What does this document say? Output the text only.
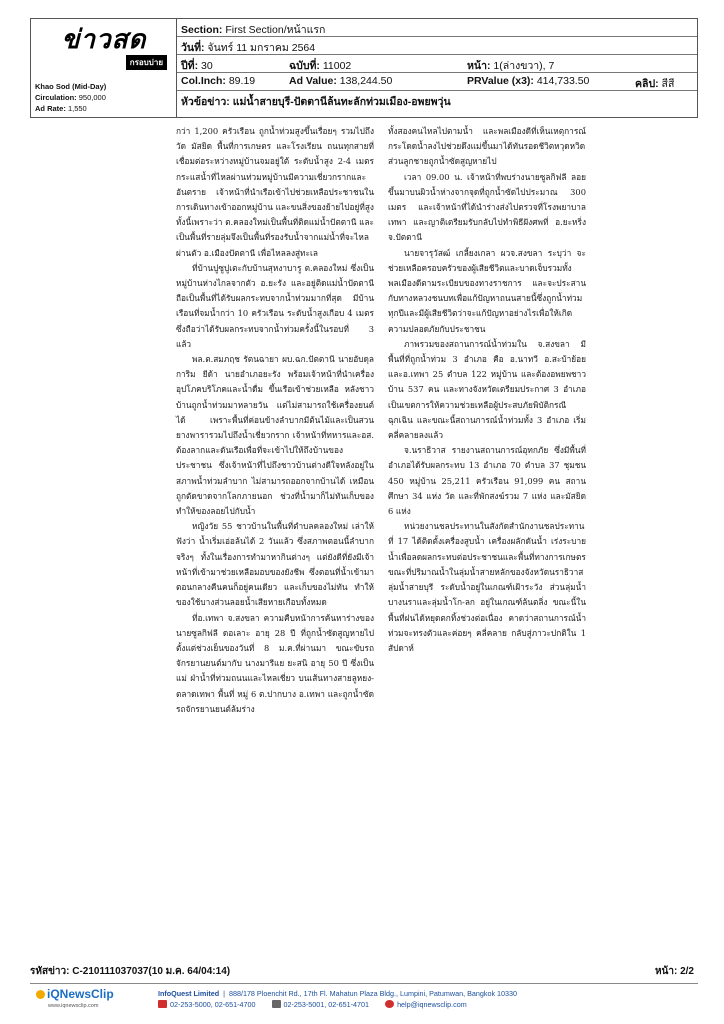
ข่าวสด
กรอบบ่าย
Khao Sod (Mid-Day)
Circulation: 950,000
Ad Rate: 1,550
Section: First Section/หน้าแรก
วันที่: จันทร์ 11 มกราคม 2564
ปีที่: 30	ฉบับที่: 11002	หน้า: 1(ล่างขวา), 7
Col.Inch: 89.19	Ad Value: 138,244.50	PRValue (x3): 414,733.50	คลิป: สีสี
หัวข้อข่าว: แม่น้ำสายบุรี-ปัตตานีล้นทะลักท่วมเมือง-อพยพวุ่น

กว่า 1,200 ครัวเรือน ถูกน้ำท่วมสูงขึ้นเรื่อยๆ รวมไปถึง วัด มัสยิด พื้นที่การเกษตร และโรงเรียน ถนนทุกสายที่เชื่อมต่อระหว่างหมู่บ้านจมอยู่ใต้ ระดับน้ำสูง 2-4 เมตร กระแสน้ำที่ไหลผ่านท่วมหมู่บ้านมีความเชี่ยวกรากและอันตราย เจ้าหน้าที่นำเรือเข้าไปช่วยเหลือประชาชนในการเดินทางเข้าออกหมู่บ้าน และขนสิ่งของย้ายไปอยู่ที่สูง ทั้งนี้เพราะว่า ต.คลองใหม่เป็นพื้นที่ติดแม่น้ำปัตตานี และเป็นพื้นที่รายลุ่มจึงเป็นพื้นที่รองรับน้ำจากแม่น้ำที่จะไหลผ่านตัว อ.เมืองปัตตานี เพื่อไหลลงสู่ทะเล

ที่บ้านปูซูปูเตะกับบ้านสุหงาบารู ต.คลองใหม่ ซึ่งเป็นหมู่บ้านห่างไกลจากตัว อ.ยะรัง และอยู่ติดแม่น้ำปัตตานี ถือเป็นพื้นที่ได้รับผลกระทบจากน้ำท่วมมากที่สุด มีบ้านเรือนที่จมน้ำกว่า 10 ครัวเรือน ระดับน้ำสูงเกือบ 4 เมตร ซึ่งถือว่าได้รับผลกระทบจากน้ำท่วมครั้งนี้ในรอบที่ 3 แล้ว

พล.ต.สมภฤช รัตนฉายา ผบ.ฉก.ปัตตานี นายอับดุลการิม ยีด้า นายอำเภอยะรัง พร้อมเจ้าหน้าที่นำเครื่องอุปโภคบริโภคและน้ำดื่ม ขึ้นเรือเข้าช่วยเหลือ หลังชาวบ้านถูกน้ำท่วมมาหลายวัน แต่ไม่สามารถใช้เครื่องยนต์ได้ เพราะพื้นที่ค่อนข้างลำบากมีต้นไม้และเป็นสวนยางพารารวมไปถึงน้ำเชี่ยวกราก เจ้าหน้าที่ทหารและอส. ต้องลากและดันเรือเพื่อที่จะเข้าไปให้ถึงบ้านของประชาชน ซึ่งเจ้าหน้าที่ไปถึงชาวบ้านต่างดีใจหลังอยู่ในสภาพน้ำท่วมลำบาก ไม่สามารถออกจากบ้านได้ เหมือนถูกตัดขาดจากโลกภายนอก ช่วงที่น้ำมาก็ไม่ทันเก็บของทำให้ของลอยไปกับน้ำ

หญิงวัย 55 ชาวบ้านในพื้นที่ตำบลคลองใหม่ เล่าให้ฟังว่า น้ำเริ่มเอ่อล้นได้ 2 วันแล้ว ซึ่งสภาพตอนนี้ลำบากจริงๆ ทั้งในเรื่องการทำมาหากินต่างๆ แต่ยังดีที่ยังมีเจ้าหน้าที่เข้ามาช่วยเหลือมอบของยังชีพ ซึ่งตอนที่น้ำเข้ามาตอนกลางคืนคนก็อยู่คนเดียว และเก็บของไม่ทัน ทำให้ของใช้บางส่วนลอยน้ำเสียหายเกือบทั้งหมด

ที่อ.เทพา จ.สงขลา ความคืบหน้าการค้นหาร่างของ นายซูลกิฟลี ดอเลาะ อายุ 28 ปี ที่ถูกน้ำซัดสูญหายไปตั้งแต่ช่วงเย็นของวันที่ 8 ม.ค.ที่ผ่านมา ขณะขับรถจักรยานยนต์มากับ นางมารีแย ยะสนิ อายุ 50 ปี ซึ่งเป็นแม่ ฝ่าน้ำที่ท่วมถนนและไหลเชี่ยว บนเส้นทางสายลูหยง-ตลาดเทพา พื้นที่ หมู่ 6 ต.ปากบาง อ.เทพา และถูกน้ำซัดรถจักรยานยนต์ล้มร่าง

ทั้งสองคนไหลไปตามน้ำ และพลเมืองดีที่เห็นเหตุการณ์กระโดดน้ำลงไปช่วยดึงแม่ขึ้นมาได้ทันรอดชีวิตหวุดหวิด ส่วนลูกชายถูกน้ำซัดสูญหายไป

เวลา 09.00 น. เจ้าหน้าที่พบร่างนายซูลกิฟลี ลอยขึ้นมาบนผิวน้ำห่างจากจุดที่ถูกน้ำซัดไปประมาณ 300 เมตร และเจ้าหน้าที่ได้นำร่างส่งไปตรวจที่โรงพยาบาลเทพา และญาติเตรียมรับกลับไปทำพิธีฝังศพที่ อ.ยะหริ่ง จ.ปัตตานี

นายจารุวัสฒ์ เกลี้ยงเกลา ผวจ.สงขลา ระบุว่า จะช่วยเหลือครอบครัวของผู้เสียชีวิตและบาดเจ็บรวมทั้งพลเมืองดีตามระเบียบของทางราชการ และจะประสานกับทางหลวงชนบทเพื่อแก้ปัญหาถนนสายนี้ซึ่งถูกน้ำท่วมทุกปีและมีผู้เสียชีวิตว่าจะแก้ปัญหาอย่างไรเพื่อให้เกิดความปลอดภัยกับประชาชน

ภาพรวมของสถานการณ์น้ำท่วมใน จ.สงขลา มีพื้นที่ที่ถูกน้ำท่วม 3 อำเภอ คือ อ.นาทวี อ.สะบ้าย้อย และอ.เทพา 25 ตำบล 122 หมู่บ้าน และต้องอพยพชาวบ้าน 537 คน และทางจังหวัดเตรียมประกาศ 3 อำเภอเป็นเขตการให้ความช่วยเหลือผู้ประสบภัยพิบัติกรณีฉุกเฉิน และขณะนี้สถานการณ์น้ำท่วมทั้ง 3 อำเภอ เริ่มคลี่คลายลงแล้ว

จ.นราธิวาส รายงานสถานการณ์อุทกภัย ซึ่งมีพื้นที่อำเภอได้รับผลกระทบ 13 อำเภอ 70 ตำบล 37 ชุมชน 450 หมู่บ้าน 25,211 ครัวเรือน 91,099 คน สถานศึกษา 34 แห่ง วัด และที่พักสงฆ์รวม 7 แห่ง และมัสยิด 6 แห่ง

หน่วยงานชลประทานในสังกัดสำนักงานชลประทานที่ 17 ได้ติดตั้งเครื่องสูบน้ำ เครื่องผลักดันน้ำ เร่งระบายน้ำเพื่อลดผลกระทบต่อประชาชนและพื้นที่ทางการเกษตร ขณะที่ปริมาณน้ำในลุ่มน้ำสายหลักของจังหวัดนราธิวาส ลุ่มน้ำสายบุรี ระดับน้ำอยู่ในเกณฑ์เฝ้าระวัง ส่วนลุ่มน้ำบางนราและลุ่มน้ำโก-ลก อยู่ในเกณฑ์ล้นตลิ่ง ขณะนี้ในพื้นที่ฝนได้หยุดตกทิ้งช่วงต่อเนื่อง คาดว่าสถานการณ์น้ำท่วมจะทรงตัวและค่อยๆ คลี่คลาย กลับสู่ภาวะปกติใน 1 สัปดาห์

รหัสข่าว: C-210111037037(10 ม.ค. 64/04:14)	หน้า: 2/2
iQNewsClip
www.iqnewsclip.com
InfoQuest Limited  |  888/178 Ploenchit Rd., 17th Fl. Mahatun Plaza Bldg., Lumpini, Patumwan, Bangkok 10330
02-253-5000, 02-651-4700	02-253-5001, 02-651-4701	help@iqnewsclip.com
